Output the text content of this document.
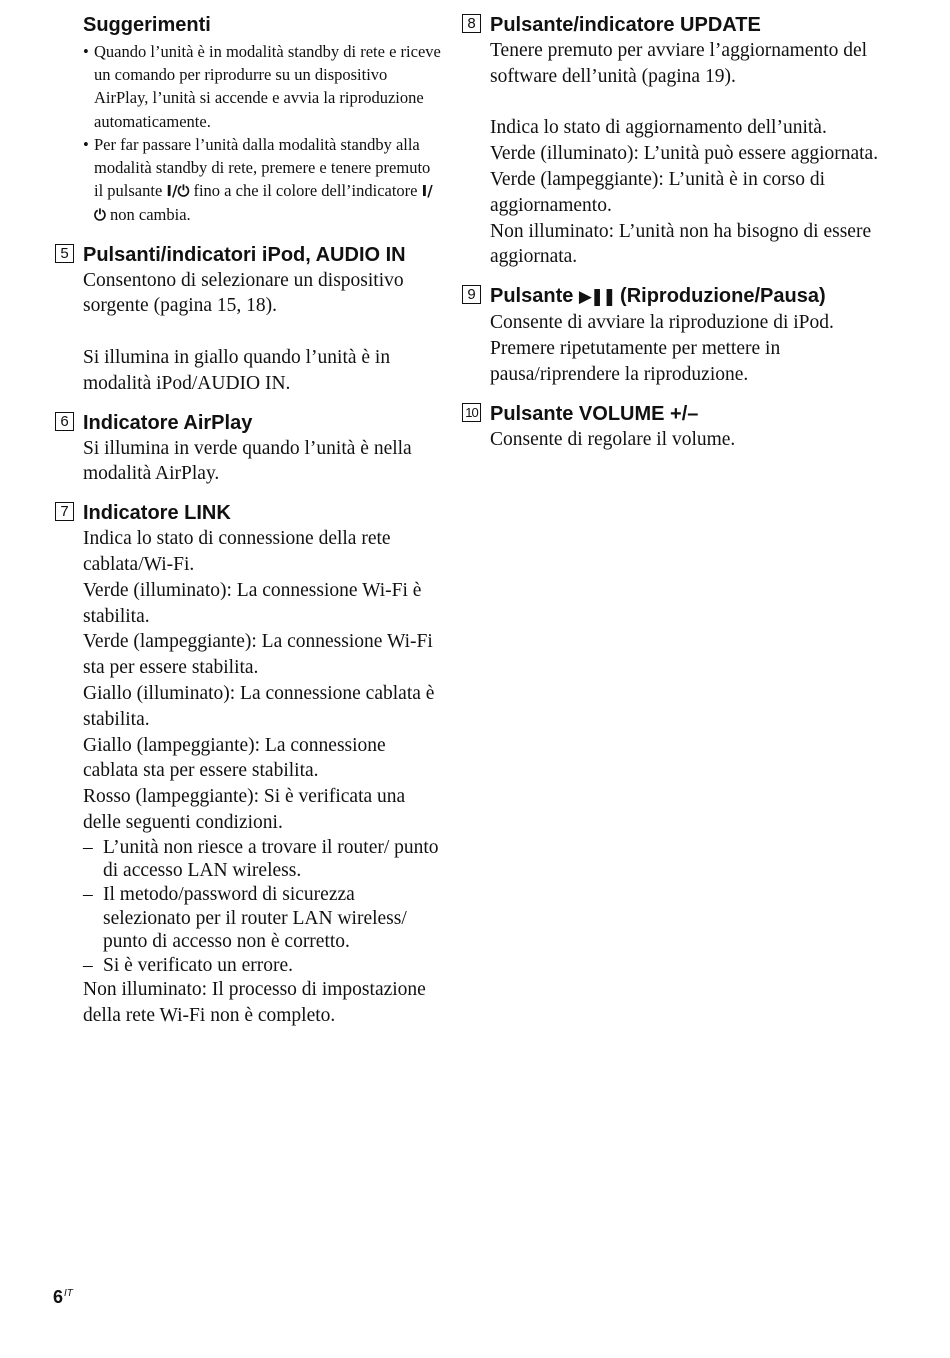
Suggerimenti

• Quando l’unità è in modalità standby di rete e riceve un comando per riprodurre su un dispositivo AirPlay, l’unità si accende e avvia la riproduzione automaticamente.
• Per far passare l’unità dalla modalità standby alla modalità standby di rete, premere e tenere premuto il pulsante I/⏻ fino a che il colore dell’indicatore I/⏻ non cambia.

5 Pulsanti/indicatori iPod, AUDIO IN

Consentono di selezionare un dispositivo sorgente (pagina 15, 18).

Si illumina in giallo quando l’unità è in modalità iPod/AUDIO IN.

6 Indicatore AirPlay

Si illumina in verde quando l’unità è nella modalità AirPlay.

7 Indicatore LINK

Indica lo stato di connessione della rete cablata/Wi-Fi.

Verde (illuminato): La connessione Wi-Fi è stabilita.

Verde (lampeggiante): La connessione Wi-Fi sta per essere stabilita.

Giallo (illuminato): La connessione cablata è stabilita.

Giallo (lampeggiante): La connessione cablata sta per essere stabilita.

Rosso (lampeggiante): Si è verificata una delle seguenti condizioni.

– L’unità non riesce a trovare il router/ punto di accesso LAN wireless.
– Il metodo/password di sicurezza selezionato per il router LAN wireless/ punto di accesso non è corretto.
– Si è verificato un errore.

Non illuminato: Il processo di impostazione della rete Wi-Fi non è completo.

8 Pulsante/indicatore UPDATE

Tenere premuto per avviare l’aggiornamento del software dell’unità (pagina 19).

Indica lo stato di aggiornamento dell’unità.

Verde (illuminato): L’unità può essere aggiornata.

Verde (lampeggiante): L’unità è in corso di aggiornamento.

Non illuminato: L’unità non ha bisogno di essere aggiornata.

9 Pulsante ▶❚❚ (Riproduzione/Pausa)

Consente di avviare la riproduzione di iPod. Premere ripetutamente per mettere in pausa/riprendere la riproduzione.

10 Pulsante VOLUME +/–

Consente di regolare il volume.

$6^{IT}$
